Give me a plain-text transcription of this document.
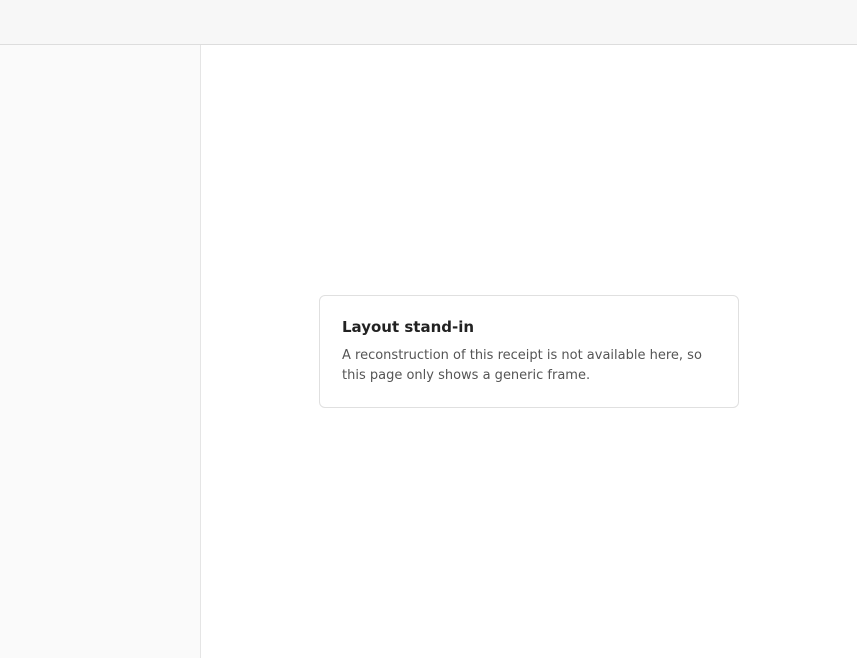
Layout stand-in

A reconstruction of this receipt is not available here, so this page only shows a generic frame.
